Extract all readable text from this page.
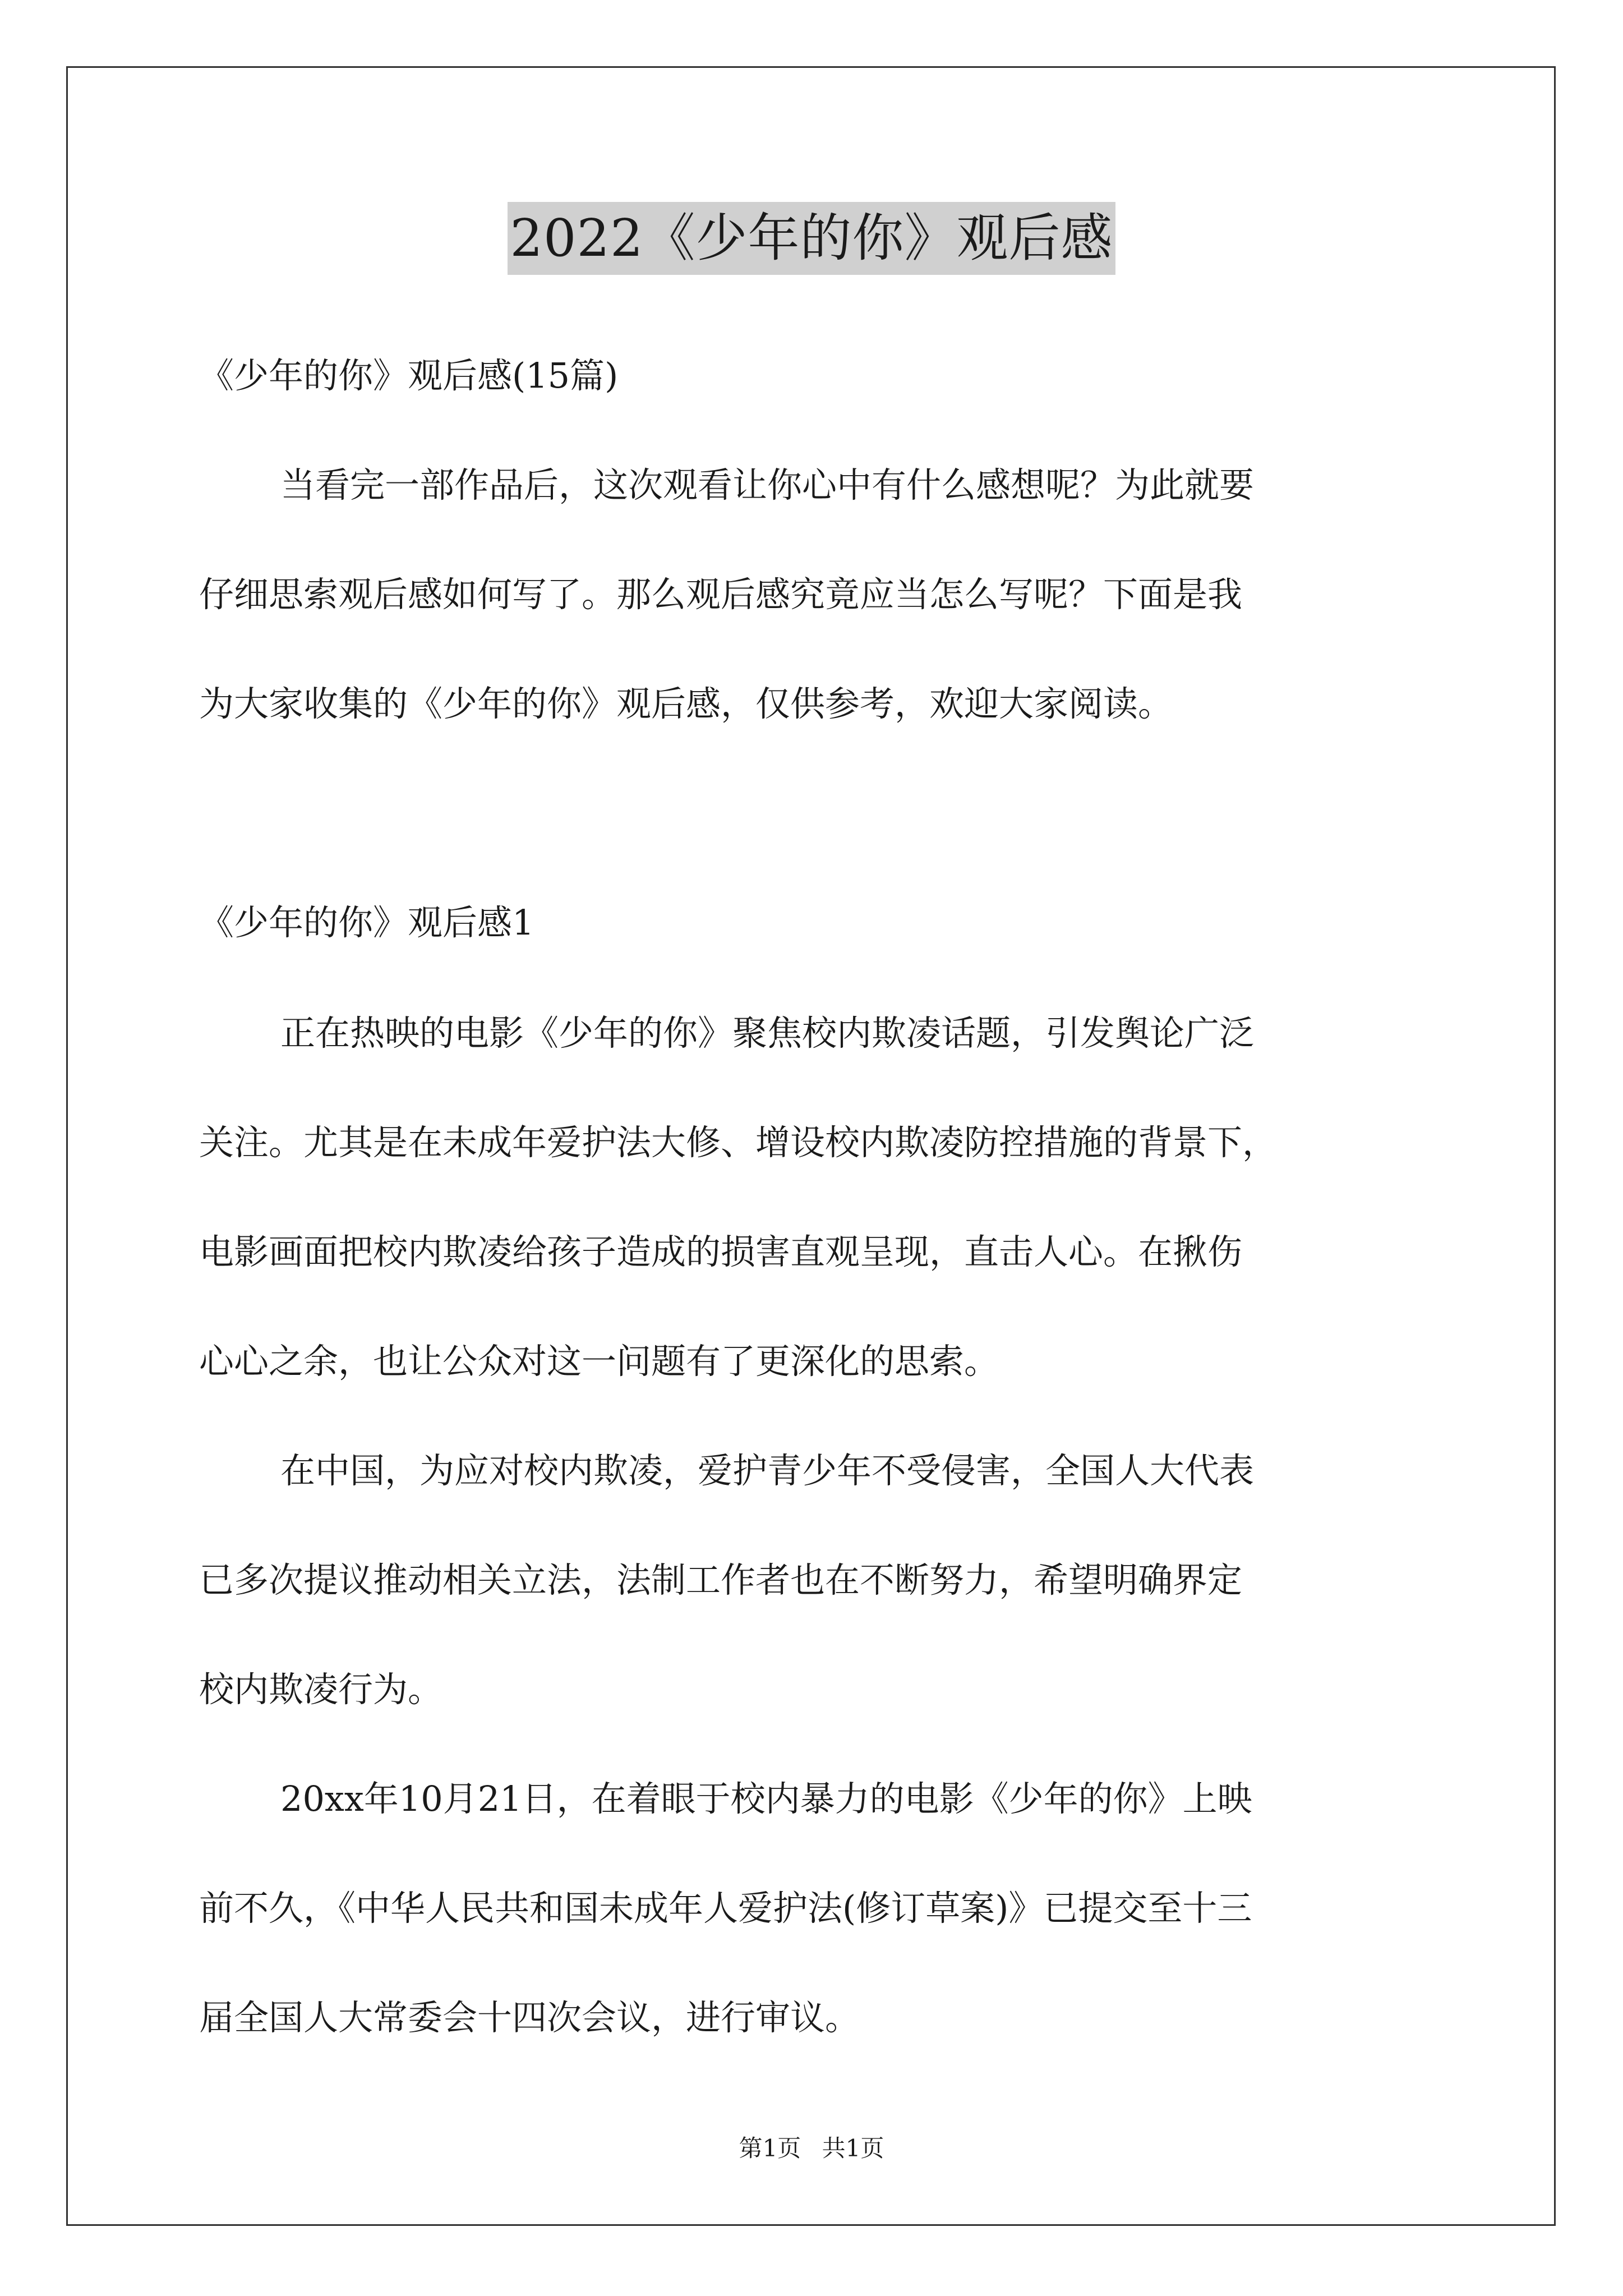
2022《少年的你》观后感
《少年的你》观后感(15篇)
当看完一部作品后，这次观看让你心中有什么感想呢？为此就要
仔细思索观后感如何写了。那么观后感究竟应当怎么写呢？下面是我
为大家收集的《少年的你》观后感，仅供参考，欢迎大家阅读。
《少年的你》观后感1
正在热映的电影《少年的你》聚焦校内欺凌话题，引发舆论广泛
关注。尤其是在未成年爱护法大修、增设校内欺凌防控措施的背景下，
电影画面把校内欺凌给孩子造成的损害直观呈现，直击人心。在揪伤
心心之余，也让公众对这一问题有了更深化的思索。
在中国，为应对校内欺凌，爱护青少年不受侵害，全国人大代表
已多次提议推动相关立法，法制工作者也在不断努力，希望明确界定
校内欺凌行为。
20xx年10月21日，在着眼于校内暴力的电影《少年的你》上映
前不久，《中华人民共和国未成年人爱护法(修订草案)》已提交至十三
届全国人大常委会十四次会议，进行审议。
第1页 共1页
